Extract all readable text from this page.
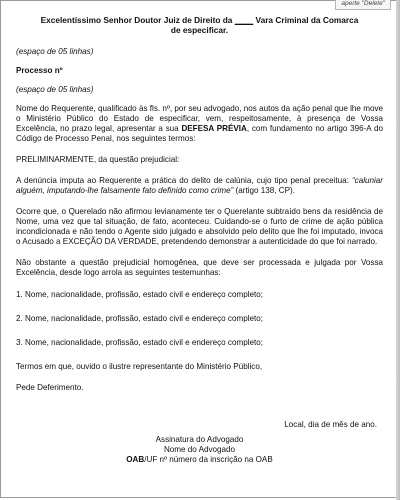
aperte "Delete"
Excelentíssimo Senhor Doutor Juiz de Direito da ____ Vara Criminal da Comarca de especificar.
(espaço de 05 linhas)
Processo nº
(espaço de 05 linhas)

Nome do Requerente, qualificado às fls. nº, por seu advogado, nos autos da ação penal que lhe move o Ministério Público do Estado de especificar, vem, respeitosamente, à presença de Vossa Excelência, no prazo legal, apresentar a sua DEFESA PRÉVIA, com fundamento no artigo 396-A do Código de Processo Penal, nos seguintes termos:

PRELIMINARMENTE, da questão prejudicial:

A denúncia imputa ao Requerente a prática do delito de calúnia, cujo tipo penal preceitua: “caluniar alguém, imputando-lhe falsamente fato definido como crime” (artigo 138, CP).

Ocorre que, o Querelado não afirmou levianamente ter o Querelante subtraído bens da residência de Nome, uma vez que tal situação, de fato, aconteceu. Cuidando-se o furto de crime de ação pública incondicionada e não tendo o Agente sido julgado e absolvido pelo delito que lhe foi imputado, invoca o Acusado a EXCEÇÃO DA VERDADE, pretendendo demonstrar a autenticidade do que foi narrado.

Não obstante a questão prejudicial homogênea, que deve ser processada e julgada por Vossa Excelência, desde logo arrola as seguintes testemunhas:

1. Nome, nacionalidade, profissão, estado civil e endereço completo;
2. Nome, nacionalidade, profissão, estado civil e endereço completo;
3. Nome, nacionalidade, profissão, estado civil e endereço completo;

Termos em que, ouvido o ilustre representante do Ministério Público,

Pede Deferimento.

Local, dia de mês de ano.
Assinatura do Advogado
Nome do Advogado
OAB/UF nº número da inscrição na OAB
